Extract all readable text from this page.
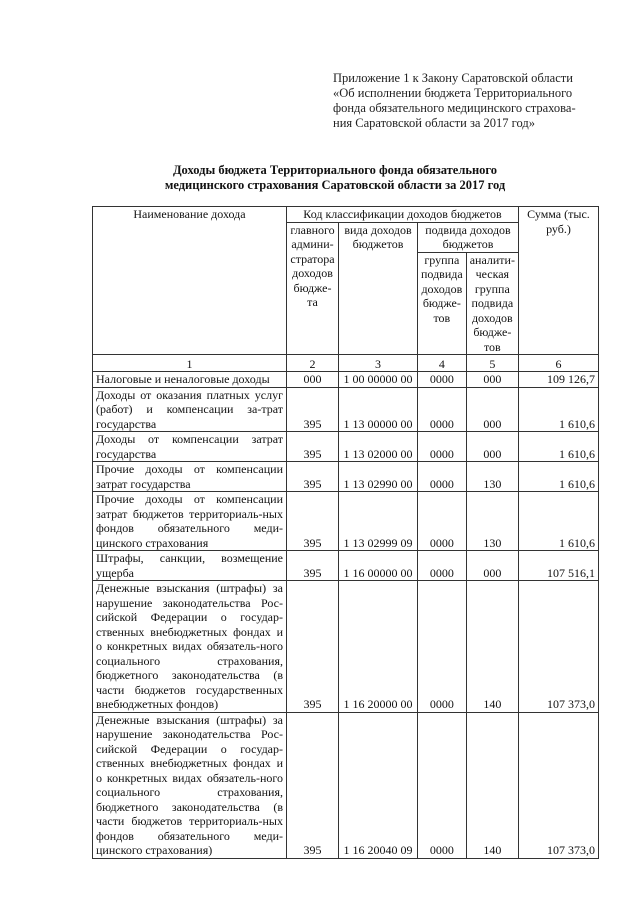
Приложение 1 к Закону Саратовской области
«Об исполнении бюджета Территориального
фонда обязательного медицинского страхова-
ния Саратовской области за 2017 год»
Доходы бюджета Территориального фонда обязательного
медицинского страхования Саратовской области за 2017 год
Наименование дохода	Код классификации доходов бюджетов				Сумма (тыс. руб.)
	главного админи-стратора доходов бюдже-та	вида доходов бюджетов	подвида доходов бюджетов		
			группа подвида доходов бюдже-тов	аналити-ческая группа подвида доходов бюдже-тов	
1	2	3	4	5	6
Налоговые и неналоговые доходы	000	1 00 00000 00	0000	000	109 126,7
Доходы от оказания платных услуг (работ) и компенсации за-трат государства	395	1 13 00000 00	0000	000	1 610,6
Доходы от компенсации затрат государства	395	1 13 02000 00	0000	000	1 610,6
Прочие доходы от компенсации затрат государства	395	1 13 02990 00	0000	130	1 610,6
Прочие доходы от компенсации затрат бюджетов территориаль-ных фондов обязательного меди-цинского страхования	395	1 13 02999 09	0000	130	1 610,6
Штрафы, санкции, возмещение ущерба	395	1 16 00000 00	0000	000	107 516,1
Денежные взыскания (штрафы) за нарушение законодательства Рос-сийской Федерации о государ-ственных внебюджетных фондах и о конкретных видах обязатель-ного социального страхования, бюджетного законодательства (в части бюджетов государственных внебюджетных фондов)	395	1 16 20000 00	0000	140	107 373,0
Денежные взыскания (штрафы) за нарушение законодательства Рос-сийской Федерации о государ-ственных внебюджетных фондах и о конкретных видах обязатель-ного социального страхования, бюджетного законодательства (в части бюджетов территориаль-ных фондов обязательного меди-цинского страхования)	395	1 16 20040 09	0000	140	107 373,0
